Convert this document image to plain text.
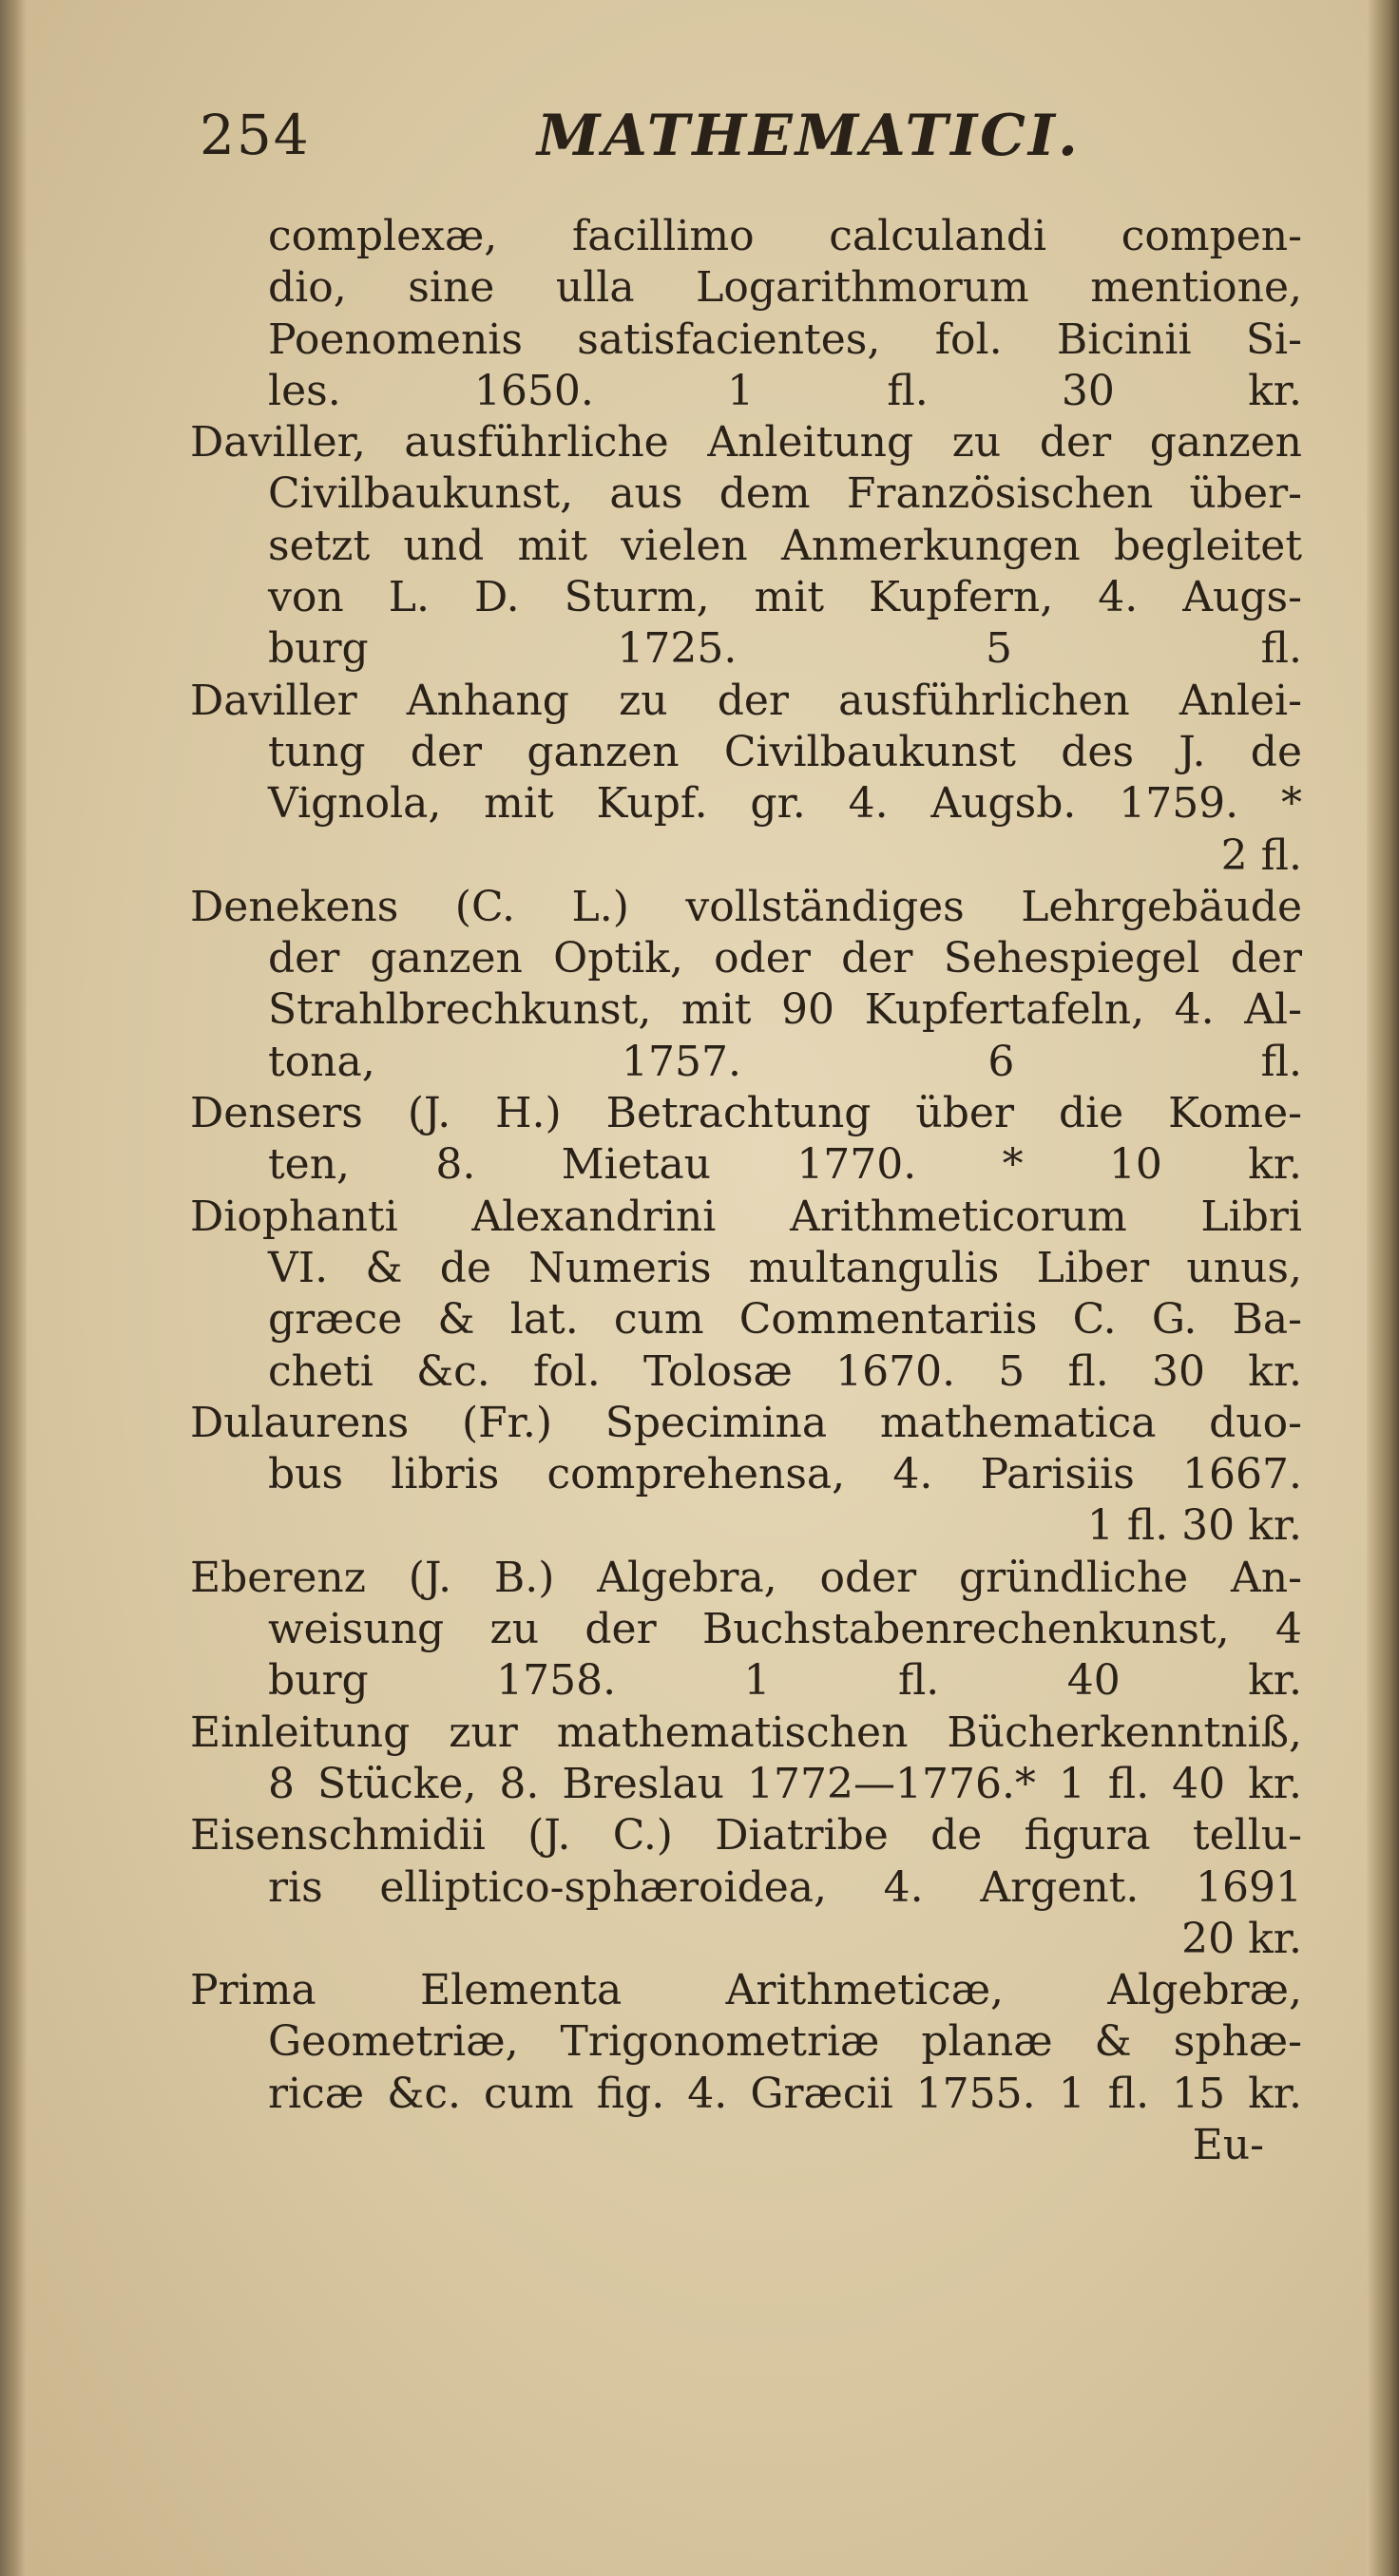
254	MATHEMATICI.
complexæ, facillimo calculandi compen-
dio, sine ulla Logarithmorum mentione,
Poenomenis satisfacientes, fol. Bicinii Si-
les. 1650. 1 fl. 30 kr.
Daviller, ausführliche Anleitung zu der ganzen
Civilbaukunst, aus dem Französischen über-
setzt und mit vielen Anmerkungen begleitet
von L. D. Sturm, mit Kupfern, 4. Augs-
burg 1725. 5 fl.
Daviller Anhang zu der ausführlichen Anlei-
tung der ganzen Civilbaukunst des J. de
Vignola, mit Kupf. gr. 4. Augsb. 1759. *
2 fl.
Denekens (C. L.) vollständiges Lehrgebäude
der ganzen Optik, oder der Sehespiegel der
Strahlbrechkunst, mit 90 Kupfertafeln, 4. Al-
tona, 1757. 6 fl.
Densers (J. H.) Betrachtung über die Kome-
ten, 8. Mietau 1770. * 10 kr.
Diophanti Alexandrini Arithmeticorum Libri
VI. & de Numeris multangulis Liber unus,
græce & lat. cum Commentariis C. G. Ba-
cheti &c. fol. Tolosæ 1670. 5 fl. 30 kr.
Dulaurens (Fr.) Specimina mathematica duo-
bus libris comprehensa, 4. Parisiis 1667.
1 fl. 30 kr.
Eberenz (J. B.) Algebra, oder gründliche An-
weisung zu der Buchstabenrechenkunst, 4
burg 1758. 1 fl. 40 kr.
Einleitung zur mathematischen Bücherkenntniß,
8 Stücke, 8. Breslau 1772—1776.* 1 fl. 40 kr.
Eisenschmidii (J. C.) Diatribe de figura tellu-
ris elliptico-sphæroidea, 4. Argent. 1691
20 kr.
Prima Elementa Arithmeticæ, Algebræ,
Geometriæ, Trigonometriæ planæ & sphæ-
ricæ &c. cum fig. 4. Græcii 1755. 1 fl. 15 kr.
Eu-
